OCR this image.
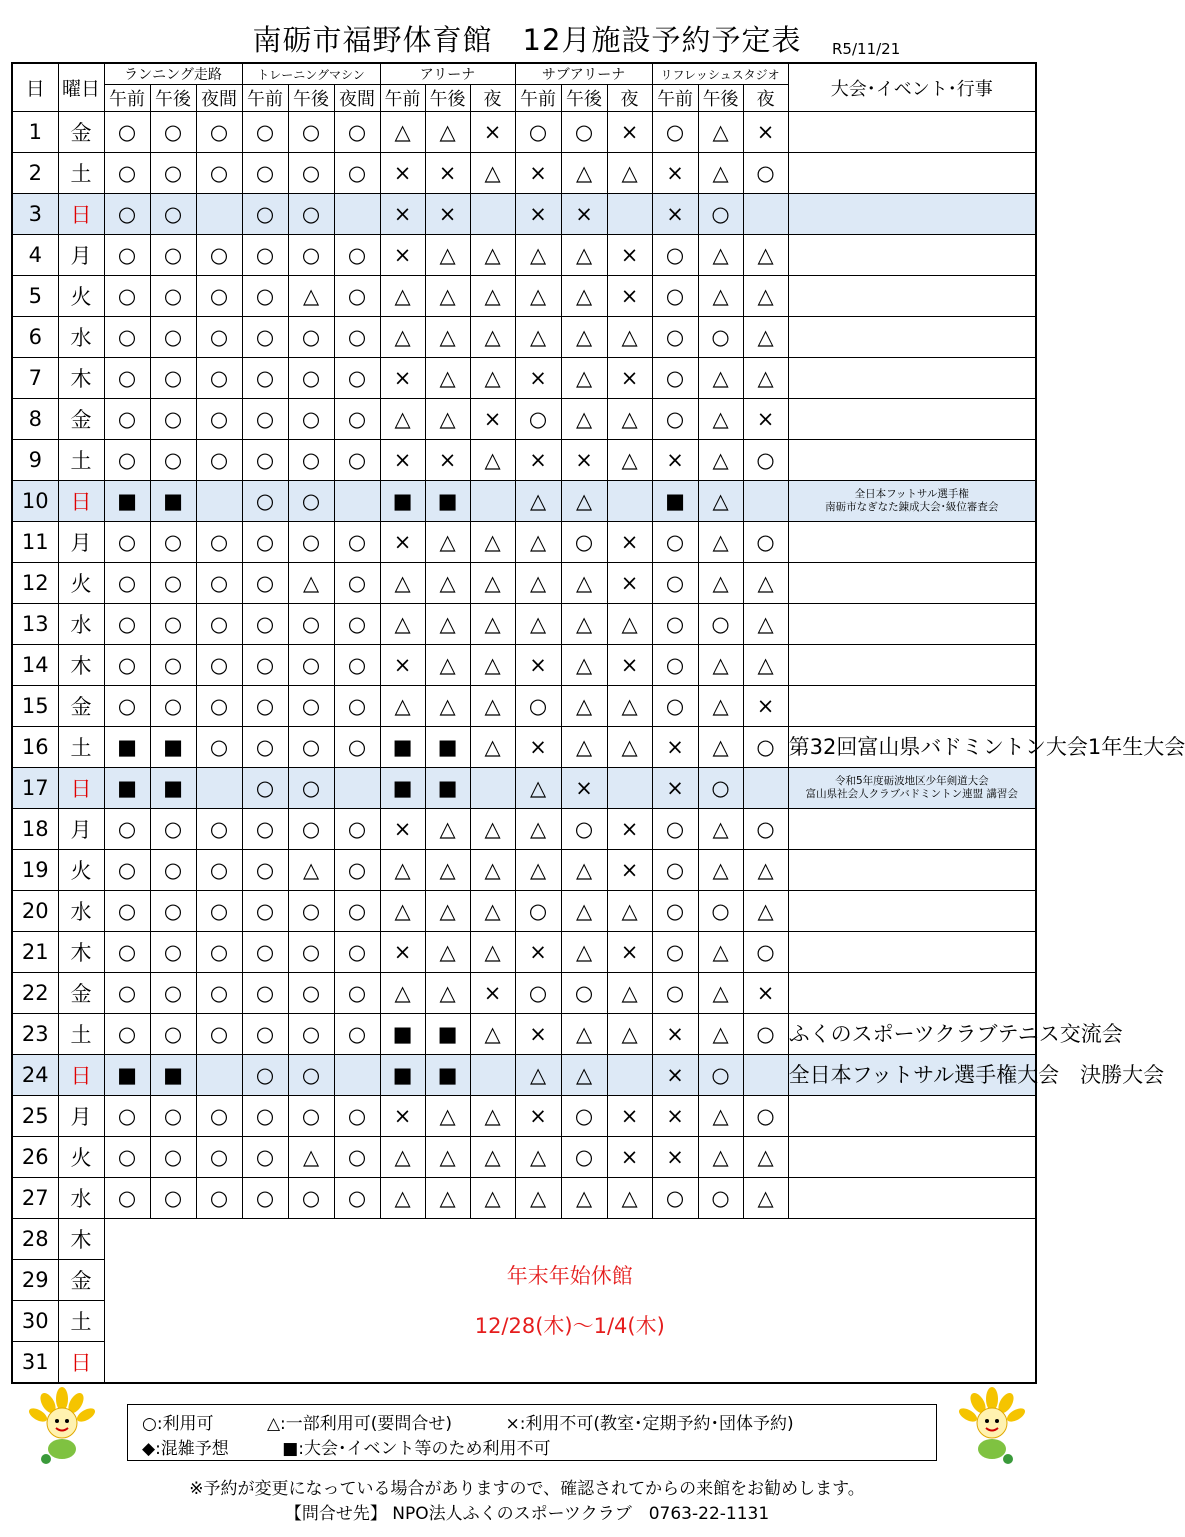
南砺市福野体育館　12月施設予約予定表 R5/11/21
日	曜日	ランニング走路			トレーニングマシン			アリーナ			サブアリーナ			リフレッシュスタジオ			大会･イベント･行事
		午前	午後	夜間	午前	午後	夜間	午前	午後	夜	午前	午後	夜	午前	午後	夜	
1	金	○	○	○	○	○	○	△	△	×	○	○	×	○	△	×	
2	土	○	○	○	○	○	○	×	×	△	×	△	△	×	△	○	
3	日	○	○		○	○		×	×		×	×		×	○		
4	月	○	○	○	○	○	○	×	△	△	△	△	×	○	△	△	
5	火	○	○	○	○	△	○	△	△	△	△	△	×	○	△	△	
6	水	○	○	○	○	○	○	△	△	△	△	△	△	○	○	△	
7	木	○	○	○	○	○	○	×	△	△	×	△	×	○	△	△	
8	金	○	○	○	○	○	○	△	△	×	○	△	△	○	△	×	
9	土	○	○	○	○	○	○	×	×	△	×	×	△	×	△	○	
10	日	■	■		○	○		■	■		△	△		■	△		全日本フットサル選手権
南砺市なぎなた錬成大会･級位審査会
11	月	○	○	○	○	○	○	×	△	△	△	○	×	○	△	○	
12	火	○	○	○	○	△	○	△	△	△	△	△	×	○	△	△	
13	水	○	○	○	○	○	○	△	△	△	△	△	△	○	○	△	
14	木	○	○	○	○	○	○	×	△	△	×	△	×	○	△	△	
15	金	○	○	○	○	○	○	△	△	△	○	△	△	○	△	×	
16	土	■	■	○	○	○	○	■	■	△	×	△	△	×	△	○	第32回富山県バドミントン大会1年生大会
17	日	■	■		○	○		■	■		△	×		×	○		令和5年度砺波地区少年剣道大会
富山県社会人クラブバドミントン連盟 講習会
18	月	○	○	○	○	○	○	×	△	△	△	○	×	○	△	○	
19	火	○	○	○	○	△	○	△	△	△	△	△	×	○	△	△	
20	水	○	○	○	○	○	○	△	△	△	○	△	△	○	○	△	
21	木	○	○	○	○	○	○	×	△	△	×	△	×	○	△	○	
22	金	○	○	○	○	○	○	△	△	×	○	○	△	○	△	×	
23	土	○	○	○	○	○	○	■	■	△	×	△	△	×	△	○	ふくのスポーツクラブテニス交流会
24	日	■	■		○	○		■	■		△	△		×	○		全日本フットサル選手権大会　決勝大会
25	月	○	○	○	○	○	○	×	△	△	×	○	×	×	△	○	
26	火	○	○	○	○	△	○	△	△	△	△	○	×	×	△	△	
27	水	○	○	○	○	○	○	△	△	△	△	△	△	○	○	△	
28	木	年末年始休館
12/28(木)～1/4(木)															

29	金																
30	土																
31	日																
○:利用可	△:一部利用可(要問合せ)	×:利用不可(教室･定期予約･団体予約)
◆:混雑予想	■:大会･イベント等のため利用不可
※予約が変更になっている場合がありますので、確認されてからの来館をお勧めします。
【問合せ先】 NPO法人ふくのスポーツクラブ　0763-22-1131
